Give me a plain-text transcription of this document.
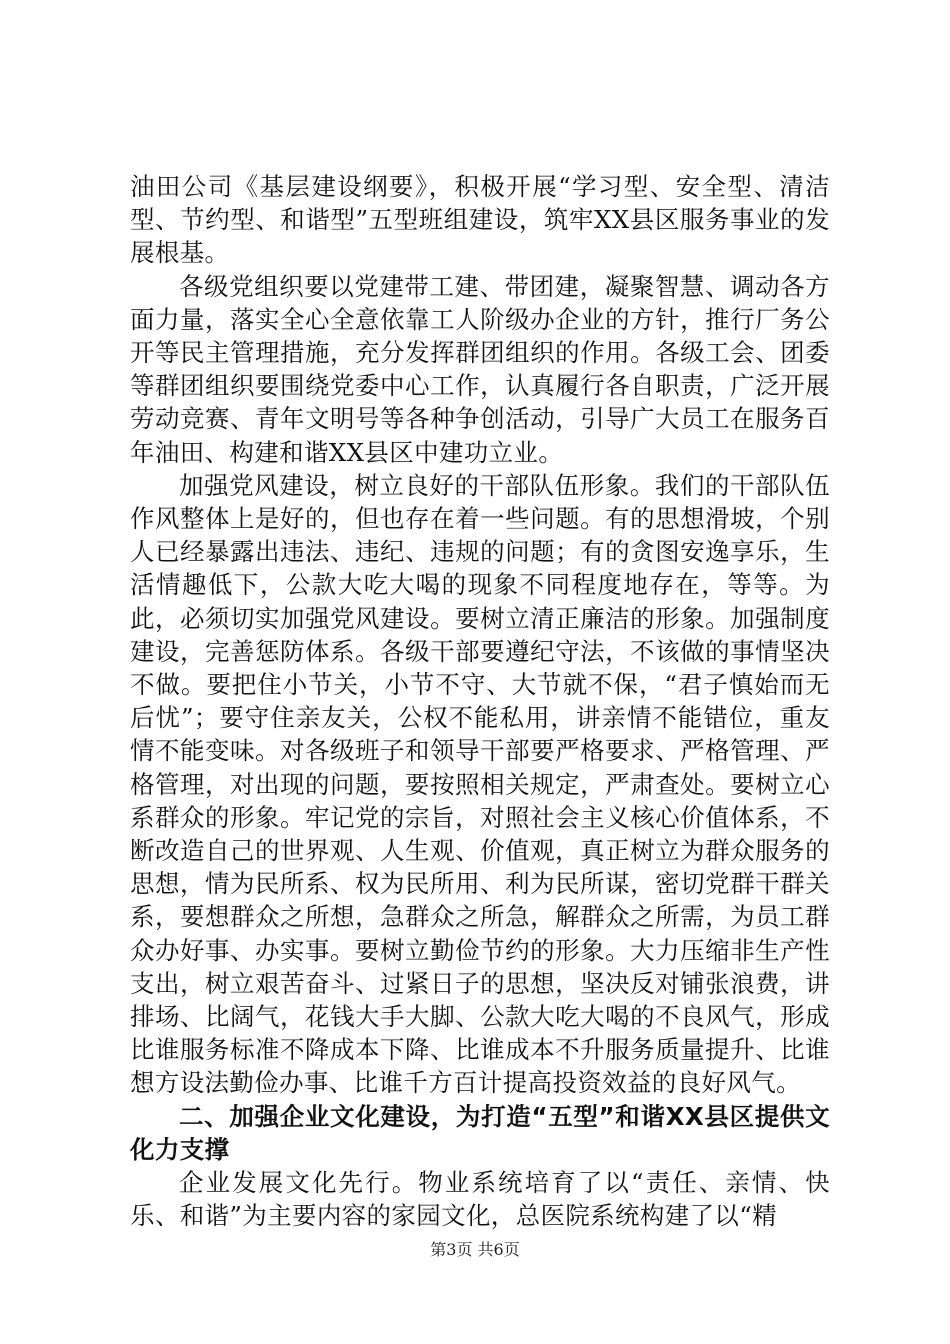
油田公司《基层建设纲要》，积极开展“学习型、安全型、清洁型、节约型、和谐型”五型班组建设，筑牢XX县区服务事业的发展根基。

各级党组织要以党建带工建、带团建，凝聚智慧、调动各方面力量，落实全心全意依靠工人阶级办企业的方针，推行厂务公开等民主管理措施，充分发挥群团组织的作用。各级工会、团委等群团组织要围绕党委中心工作，认真履行各自职责，广泛开展劳动竞赛、青年文明号等各种争创活动，引导广大员工在服务百年油田、构建和谐XX县区中建功立业。

加强党风建设，树立良好的干部队伍形象。我们的干部队伍作风整体上是好的，但也存在着一些问题。有的思想滑坡，个别人已经暴露出违法、违纪、违规的问题；有的贪图安逸享乐，生活情趣低下，公款大吃大喝的现象不同程度地存在，等等。为此，必须切实加强党风建设。要树立清正廉洁的形象。加强制度建设，完善惩防体系。各级干部要遵纪守法，不该做的事情坚决不做。要把住小节关，小节不守、大节就不保，“君子慎始而无后忧”；要守住亲友关，公权不能私用，讲亲情不能错位，重友情不能变味。对各级班子和领导干部要严格要求、严格管理、严格管理，对出现的问题，要按照相关规定，严肃查处。要树立心系群众的形象。牢记党的宗旨，对照社会主义核心价值体系，不断改造自己的世界观、人生观、价值观，真正树立为群众服务的思想，情为民所系、权为民所用、利为民所谋，密切党群干群关系，要想群众之所想，急群众之所急，解群众之所需，为员工群众办好事、办实事。要树立勤俭节约的形象。大力压缩非生产性支出，树立艰苦奋斗、过紧日子的思想，坚决反对铺张浪费，讲排场、比阔气，花钱大手大脚、公款大吃大喝的不良风气，形成比谁服务标准不降成本下降、比谁成本不升服务质量提升、比谁想方设法勤俭办事、比谁千方百计提高投资效益的良好风气。

二、加强企业文化建设，为打造“五型”和谐XX县区提供文化力支撑

企业发展文化先行。物业系统培育了以“责任、亲情、快乐、和谐”为主要内容的家园文化，总医院系统构建了以“精

第3页 共6页
